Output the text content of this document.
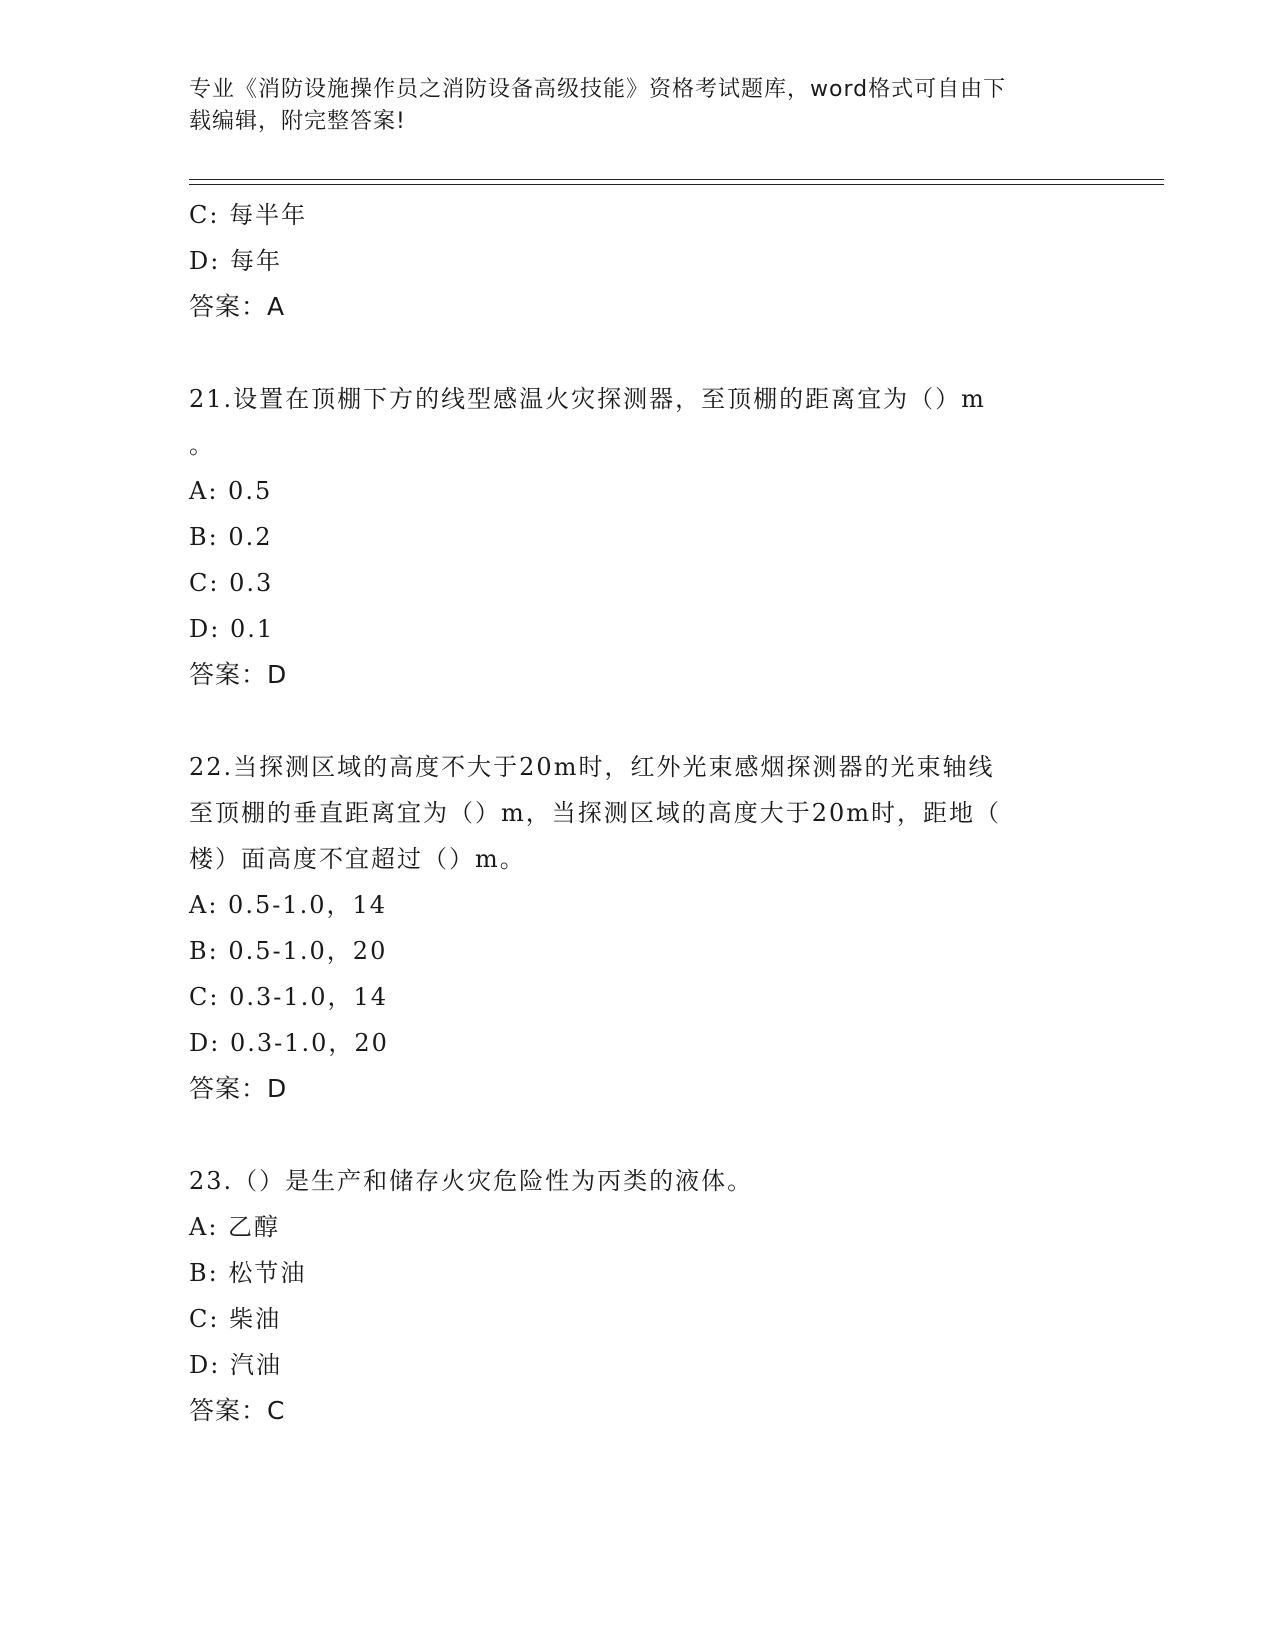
专业《消防设施操作员之消防设备高级技能》资格考试题库，word格式可自由下
载编辑，附完整答案!
C: 每半年
D: 每年
答案：A
21.设置在顶棚下方的线型感温火灾探测器，至顶棚的距离宜为（）m
。
A: 0.5
B: 0.2
C: 0.3
D: 0.1
答案：D
22.当探测区域的高度不大于20m时，红外光束感烟探测器的光束轴线
至顶棚的垂直距离宜为（）m，当探测区域的高度大于20m时，距地（
楼）面高度不宜超过（）m。
A: 0.5-1.0，14
B: 0.5-1.0，20
C: 0.3-1.0，14
D: 0.3-1.0，20
答案：D
23.（）是生产和储存火灾危险性为丙类的液体。
A: 乙醇
B: 松节油
C: 柴油
D: 汽油
答案：C
